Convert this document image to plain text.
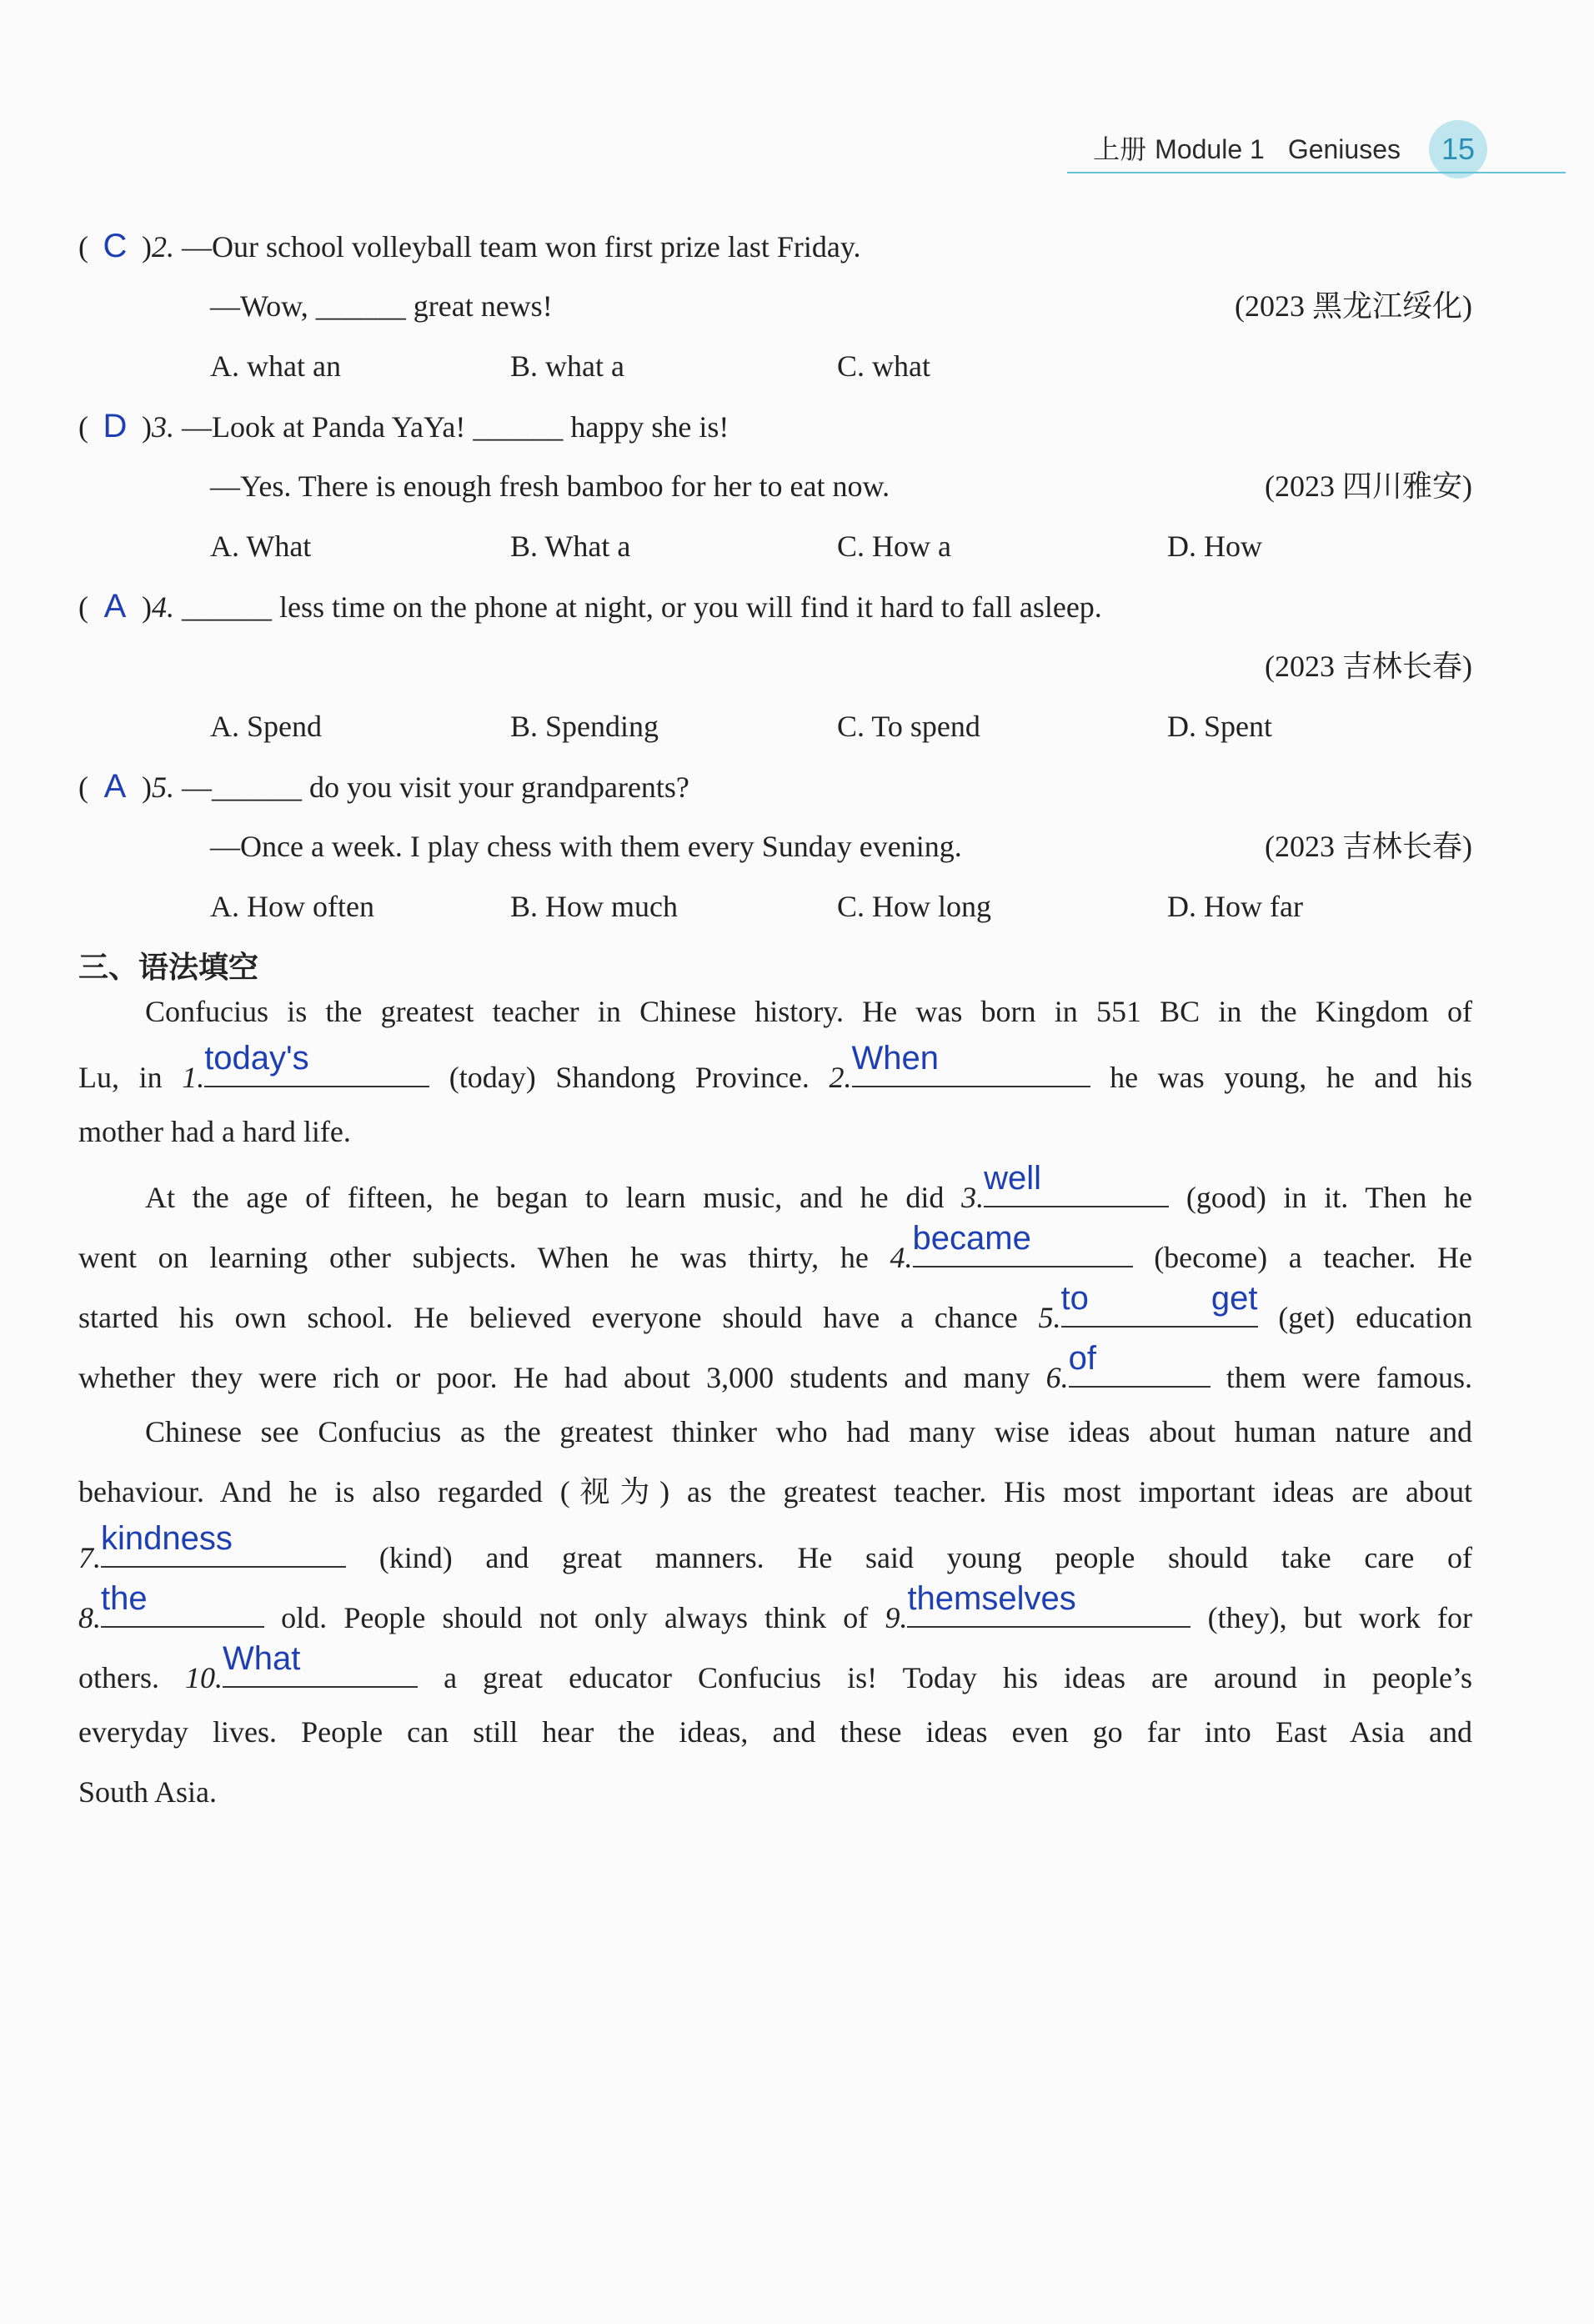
上册 Module 1 Geniuses	15
( C )2. —Our school volleyball team won first prize last Friday.
—Wow, ______ great news!	(2023 黑龙江绥化)
A. what an	B. what a	C. what
( D )3. —Look at Panda YaYa! ______ happy she is!
—Yes. There is enough fresh bamboo for her to eat now.	(2023 四川雅安)
A. What	B. What a	C. How a	D. How
( A )4. ______ less time on the phone at night, or you will find it hard to fall asleep.
(2023 吉林长春)
A. Spend	B. Spending	C. To spend	D. Spent
( A )5. —______ do you visit your grandparents?
—Once a week. I play chess with them every Sunday evening.	(2023 吉林长春)
A. How often	B. How much	C. How long	D. How far
三、语法填空
Confucius is the greatest teacher in Chinese history. He was born in 551 BC in the Kingdom of
Lu, in 1.
today's
(today) Shandong Province. 2.
When
he was young, he and his
mother had a hard life.
At the age of fifteen, he began to learn music, and he did 3.
well
(good) in it. Then he
went on learning other subjects. When he was thirty, he 4.
became
(become) a teacher. He
started his own school. He believed everyone should have a chance 5.
to get
(get) education
whether they were rich or poor. He had about 3,000 students and many 6.
of
them were famous.
Chinese see Confucius as the greatest thinker who had many wise ideas about human nature and
behaviour. And he is also regarded (视为) as the greatest teacher. His most important ideas are about
7.
kindness
(kind) and great manners. He said young people should take care of
8.
the
old. People should not only always think of 9.
themselves
(they), but work for
others. 10.
What
a great educator Confucius is! Today his ideas are around in people’s
everyday lives. People can still hear the ideas, and these ideas even go far into East Asia and
South Asia.
